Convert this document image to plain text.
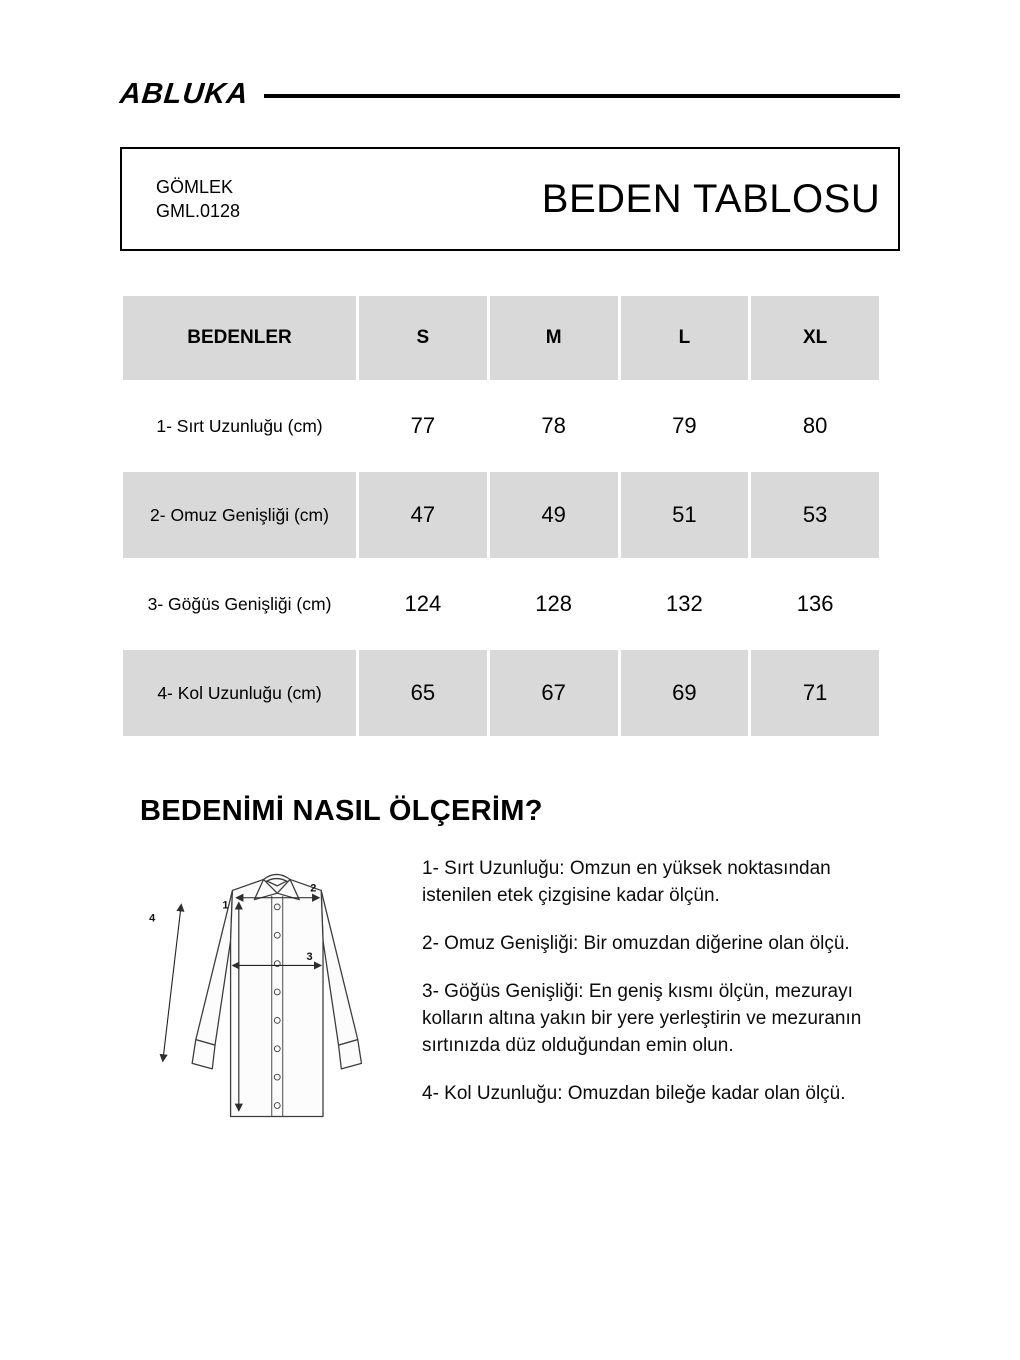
ABLUKA
GÖMLEK
GML.0128	BEDEN TABLOSU
BEDENLER	S	M	L	XL
1- Sırt Uzunluğu (cm)	77	78	79	80
2- Omuz Genişliği (cm)	47	49	51	53
3- Göğüs Genişliği (cm)	124	128	132	136
4- Kol Uzunluğu (cm)	65	67	69	71
BEDENİMİ NASIL ÖLÇERİM?
1
2
3
4

1- Sırt Uzunluğu: Omzun en yüksek noktasından istenilen etek çizgisine kadar ölçün.

2- Omuz Genişliği: Bir omuzdan diğerine olan ölçü.

3- Göğüs Genişliği: En geniş kısmı ölçün, mezurayı kolların altına yakın bir yere yerleştirin ve mezuranın sırtınızda düz olduğundan emin olun.

4- Kol Uzunluğu: Omuzdan bileğe kadar olan ölçü.
